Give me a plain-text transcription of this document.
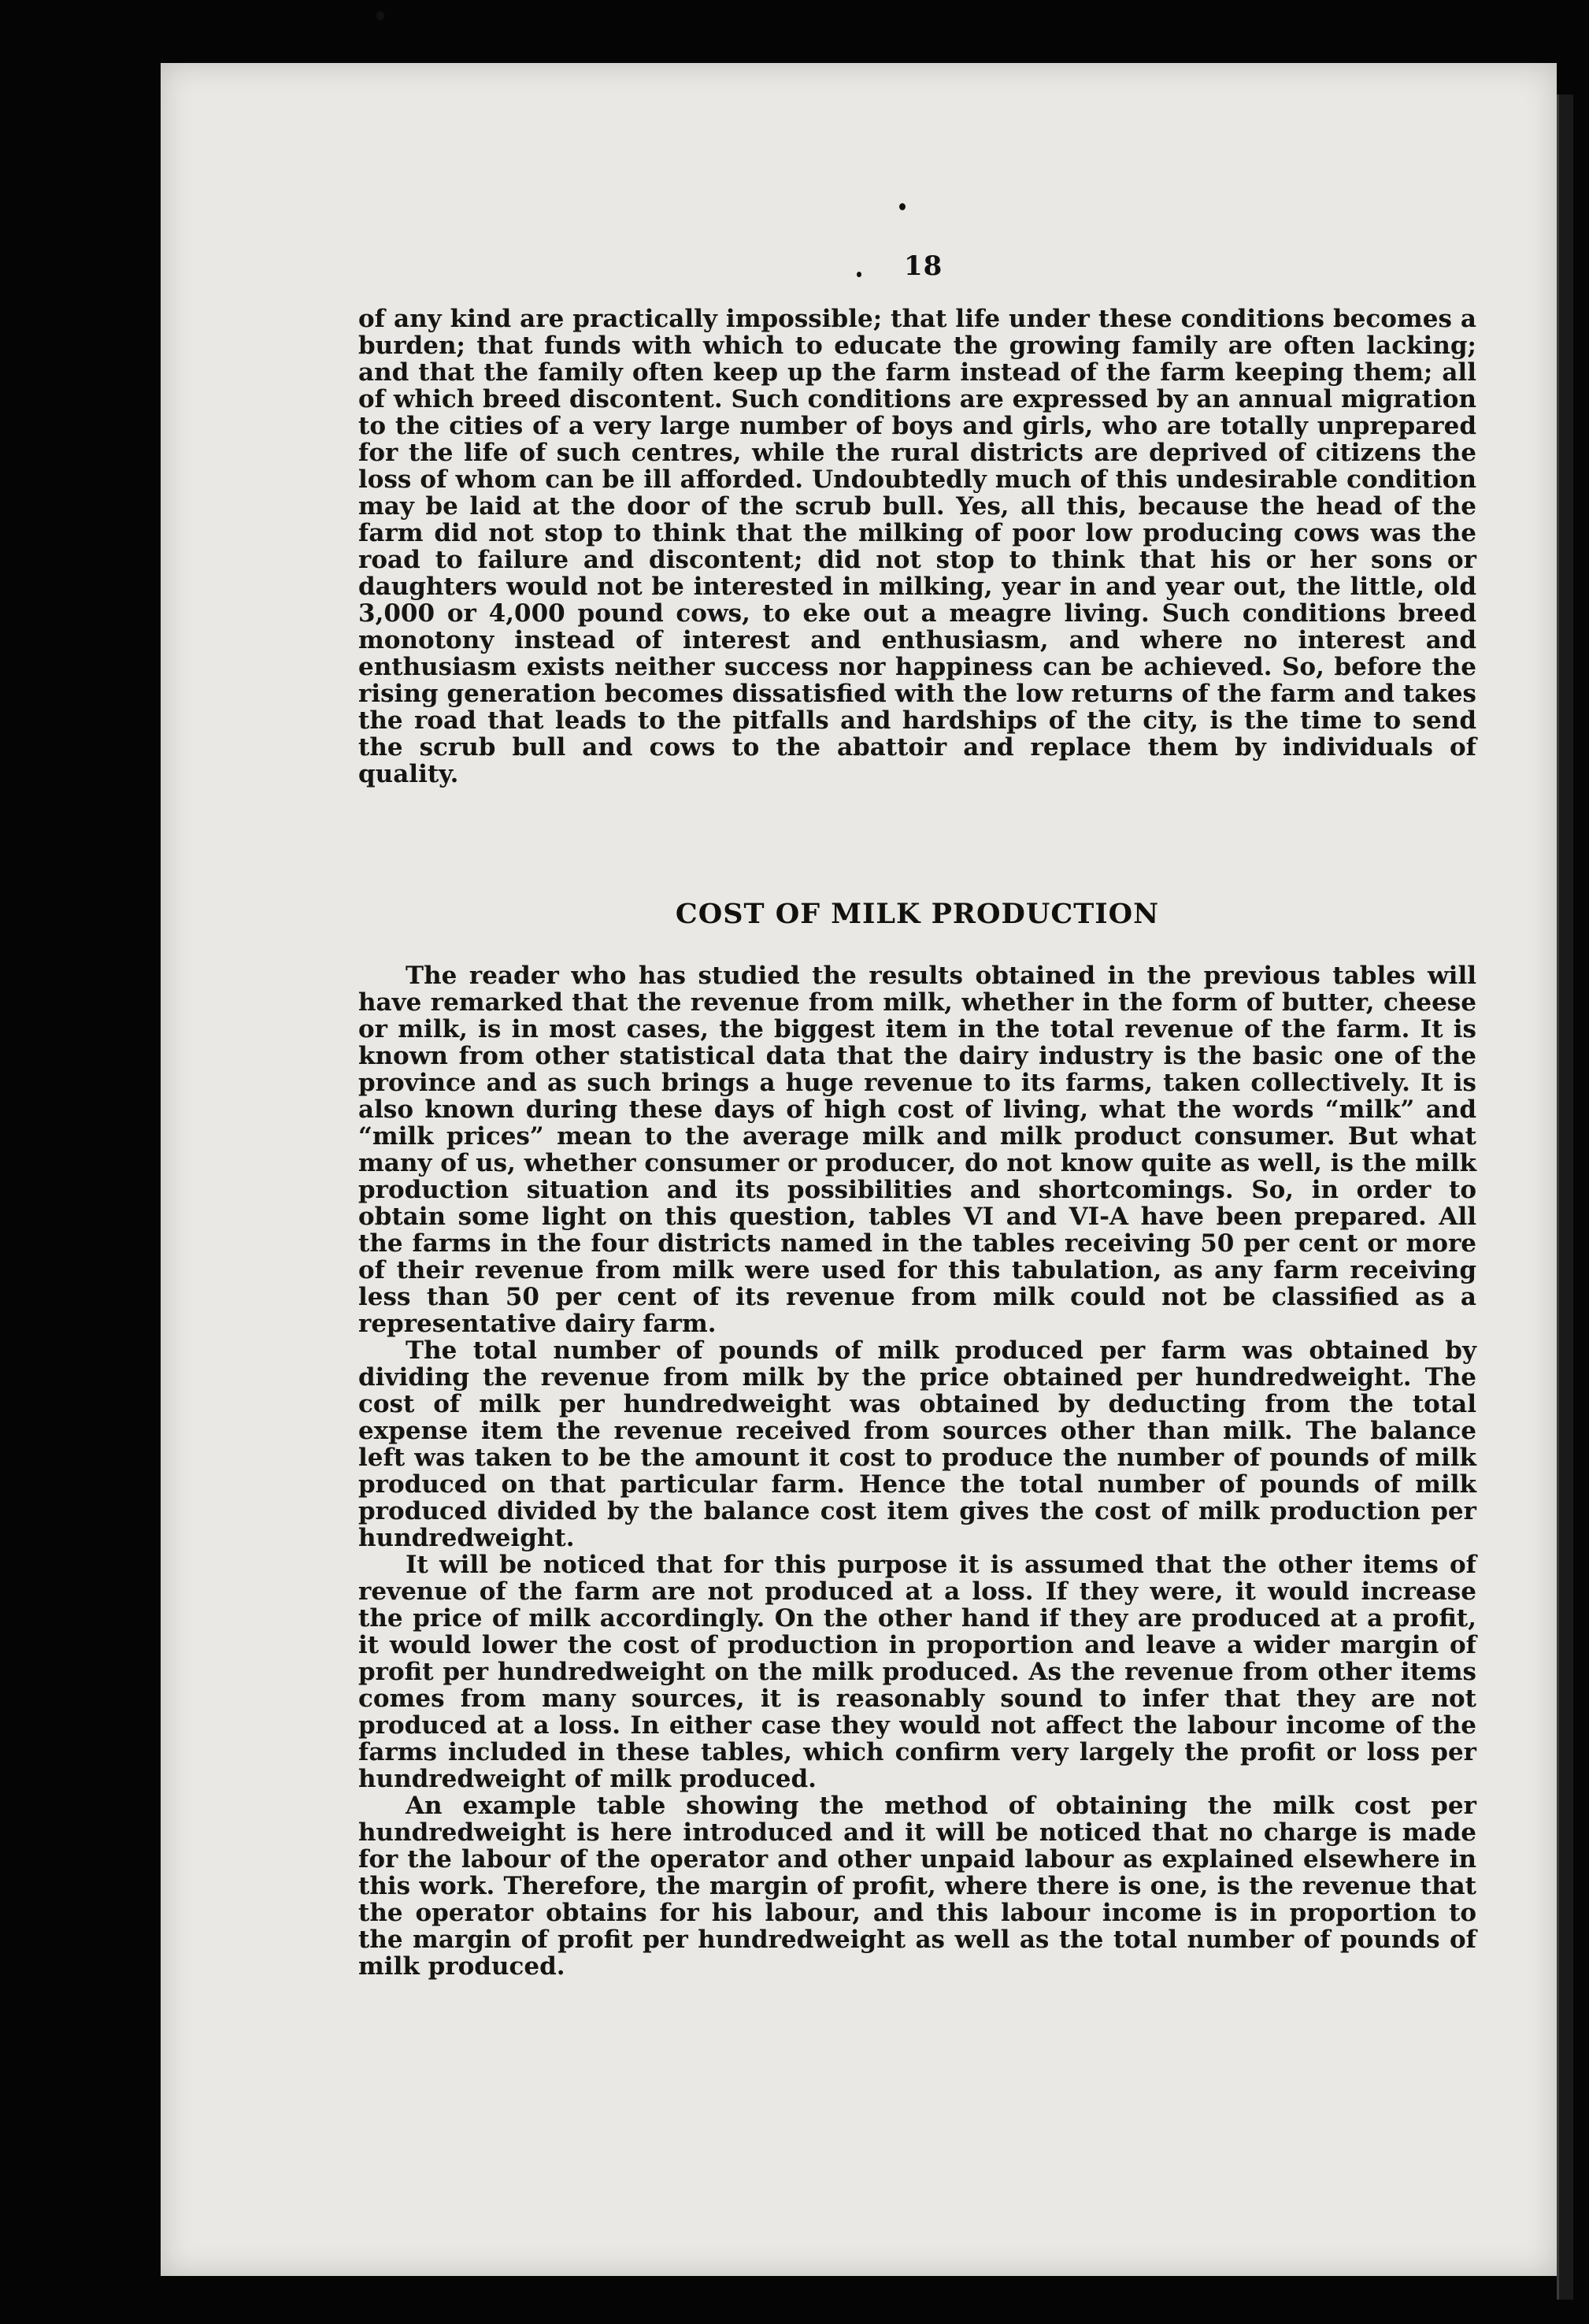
18

of any kind are practically impossible; that life under these conditions becomes a burden; that funds with which to educate the growing family are often lacking; and that the family often keep up the farm instead of the farm keeping them; all of which breed discontent. Such conditions are expressed by an annual migration to the cities of a very large number of boys and girls, who are totally unprepared for the life of such centres, while the rural districts are deprived of citizens the loss of whom can be ill afforded. Undoubtedly much of this undesirable condition may be laid at the door of the scrub bull. Yes, all this, because the head of the farm did not stop to think that the milking of poor low producing cows was the road to failure and discontent; did not stop to think that his or her sons or daughters would not be interested in milking, year in and year out, the little, old 3,000 or 4,000 pound cows, to eke out a meagre living. Such conditions breed monotony instead of interest and enthusiasm, and where no interest and enthusiasm exists neither success nor happiness can be achieved. So, before the rising generation becomes dissatisfied with the low returns of the farm and takes the road that leads to the pitfalls and hardships of the city, is the time to send the scrub bull and cows to the abattoir and replace them by individuals of quality.

COST OF MILK PRODUCTION

The reader who has studied the results obtained in the previous tables will have remarked that the revenue from milk, whether in the form of butter, cheese or milk, is in most cases, the biggest item in the total revenue of the farm. It is known from other statistical data that the dairy industry is the basic one of the province and as such brings a huge revenue to its farms, taken collectively. It is also known during these days of high cost of living, what the words “milk” and “milk prices” mean to the average milk and milk product consumer. But what many of us, whether consumer or producer, do not know quite as well, is the milk production situation and its possibilities and shortcomings. So, in order to obtain some light on this question, tables VI and VI-A have been prepared. All the farms in the four districts named in the tables receiving 50 per cent or more of their revenue from milk were used for this tabulation, as any farm receiving less than 50 per cent of its revenue from milk could not be classified as a representative dairy farm.

The total number of pounds of milk produced per farm was obtained by dividing the revenue from milk by the price obtained per hundredweight. The cost of milk per hundredweight was obtained by deducting from the total expense item the revenue received from sources other than milk. The balance left was taken to be the amount it cost to produce the number of pounds of milk produced on that particular farm. Hence the total number of pounds of milk produced divided by the balance cost item gives the cost of milk production per hundredweight.

It will be noticed that for this purpose it is assumed that the other items of revenue of the farm are not produced at a loss. If they were, it would increase the price of milk accordingly. On the other hand if they are produced at a profit, it would lower the cost of production in proportion and leave a wider margin of profit per hundredweight on the milk produced. As the revenue from other items comes from many sources, it is reasonably sound to infer that they are not produced at a loss. In either case they would not affect the labour income of the farms included in these tables, which confirm very largely the profit or loss per hundredweight of milk produced.

An example table showing the method of obtaining the milk cost per hundredweight is here introduced and it will be noticed that no charge is made for the labour of the operator and other unpaid labour as explained elsewhere in this work. Therefore, the margin of profit, where there is one, is the revenue that the operator obtains for his labour, and this labour income is in proportion to the margin of profit per hundredweight as well as the total number of pounds of milk produced.
